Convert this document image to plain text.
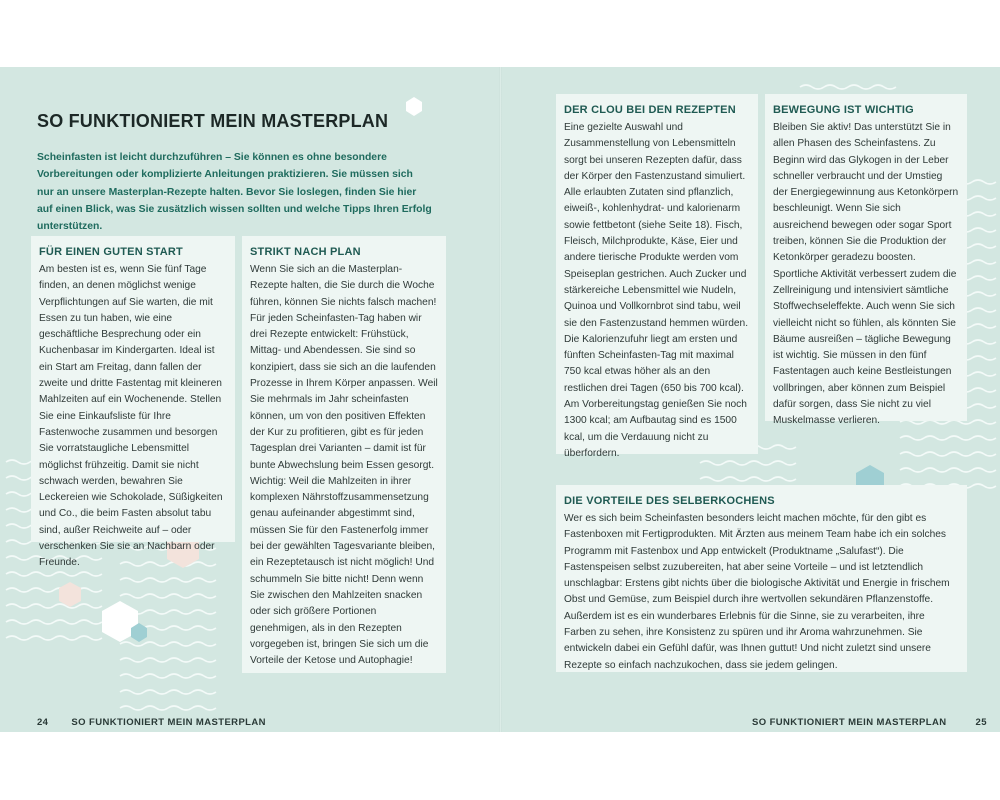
SO FUNKTIONIERT MEIN MASTERPLAN

Scheinfasten ist leicht durchzuführen – Sie können es ohne besondere Vorbereitungen oder komplizierte Anleitungen praktizieren. Sie müssen sich nur an unsere Masterplan-Rezepte halten. Bevor Sie loslegen, finden Sie hier auf einen Blick, was Sie zusätzlich wissen sollten und welche Tipps Ihren Erfolg unterstützen.

FÜR EINEN GUTEN START

Am besten ist es, wenn Sie fünf Tage finden, an denen möglichst wenige Verpflichtungen auf Sie warten, die mit Essen zu tun haben, wie eine geschäftliche Besprechung oder ein Kuchenbasar im Kindergarten. Ideal ist ein Start am Freitag, dann fallen der zweite und dritte Fastentag mit kleineren Mahlzeiten auf ein Wochenende. Stellen Sie eine Einkaufsliste für Ihre Fastenwoche zusammen und besorgen Sie vorratstaugliche Lebensmittel möglichst frühzeitig. Damit sie nicht schwach werden, bewahren Sie Leckereien wie Schokolade, Süßigkeiten und Co., die beim Fasten absolut tabu sind, außer Reichweite auf – oder verschenken Sie sie an Nachbarn oder Freunde.

STRIKT NACH PLAN

Wenn Sie sich an die Masterplan-Rezepte halten, die Sie durch die Woche führen, können Sie nichts falsch machen! Für jeden Scheinfasten-Tag haben wir drei Rezepte entwickelt: Frühstück, Mittag- und Abendessen. Sie sind so konzipiert, dass sie sich an die laufenden Prozesse in Ihrem Körper anpassen. Weil Sie mehrmals im Jahr scheinfasten können, um von den positiven Effekten der Kur zu profitieren, gibt es für jeden Tagesplan drei Varianten – damit ist für bunte Abwechslung beim Essen gesorgt. Wichtig: Weil die Mahlzeiten in ihrer komplexen Nährstoffzusammensetzung genau aufeinander abgestimmt sind, müssen Sie für den Fastenerfolg immer bei der gewählten Tagesvariante bleiben, ein Rezeptetausch ist nicht möglich! Und schummeln Sie bitte nicht! Denn wenn Sie zwischen den Mahlzeiten snacken oder sich größere Portionen genehmigen, als in den Rezepten vorgegeben ist, bringen Sie sich um die Vorteile der Ketose und Autophagie!

24 SO FUNKTIONIERT MEIN MASTERPLAN
DER CLOU BEI DEN REZEPTEN

Eine gezielte Auswahl und Zusammenstellung von Lebensmitteln sorgt bei unseren Rezepten dafür, dass der Körper den Fastenzustand simuliert. Alle erlaubten Zutaten sind pflanzlich, eiweiß-, kohlenhydrat- und kalorienarm sowie fettbetont (siehe Seite 18). Fisch, Fleisch, Milchprodukte, Käse, Eier und andere tierische Produkte werden vom Speiseplan gestrichen. Auch Zucker und stärkereiche Lebensmittel wie Nudeln, Quinoa und Vollkornbrot sind tabu, weil sie den Fastenzustand hemmen würden. Die Kalorienzufuhr liegt am ersten und fünften Scheinfasten-Tag mit maximal 750 kcal etwas höher als an den restlichen drei Tagen (650 bis 700 kcal). Am Vorbereitungstag genießen Sie noch 1300 kcal; am Aufbautag sind es 1500 kcal, um die Verdauung nicht zu überfordern.

BEWEGUNG IST WICHTIG

Bleiben Sie aktiv! Das unterstützt Sie in allen Phasen des Scheinfastens. Zu Beginn wird das Glykogen in der Leber schneller verbraucht und der Umstieg der Energiegewinnung aus Ketonkörpern beschleunigt. Wenn Sie sich ausreichend bewegen oder sogar Sport treiben, können Sie die Produktion der Ketonkörper geradezu boosten. Sportliche Aktivität verbessert zudem die Zellreinigung und intensiviert sämtliche Stoffwechseleffekte. Auch wenn Sie sich vielleicht nicht so fühlen, als könnten Sie Bäume ausreißen – tägliche Bewegung ist wichtig. Sie müssen in den fünf Fastentagen auch keine Bestleistungen vollbringen, aber können zum Beispiel dafür sorgen, dass Sie nicht zu viel Muskelmasse verlieren.

DIE VORTEILE DES SELBERKOCHENS

Wer es sich beim Scheinfasten besonders leicht machen möchte, für den gibt es Fastenboxen mit Fertigprodukten. Mit Ärzten aus meinem Team habe ich ein solches Programm mit Fastenbox und App entwickelt (Produktname „Salufast“). Die Fastenspeisen selbst zuzubereiten, hat aber seine Vorteile – und ist letztendlich unschlagbar: Erstens gibt nichts über die biologische Aktivität und Energie in frischem Obst und Gemüse, zum Beispiel durch ihre wertvollen sekundären Pflanzenstoffe. Außerdem ist es ein wunderbares Erlebnis für die Sinne, sie zu verarbeiten, ihre Farben zu sehen, ihre Konsistenz zu spüren und ihr Aroma wahrzunehmen. Sie entwickeln dabei ein Gefühl dafür, was Ihnen guttut! Und nicht zuletzt sind unsere Rezepte so einfach nachzukochen, dass sie jedem gelingen.

SO FUNKTIONIERT MEIN MASTERPLAN	25
